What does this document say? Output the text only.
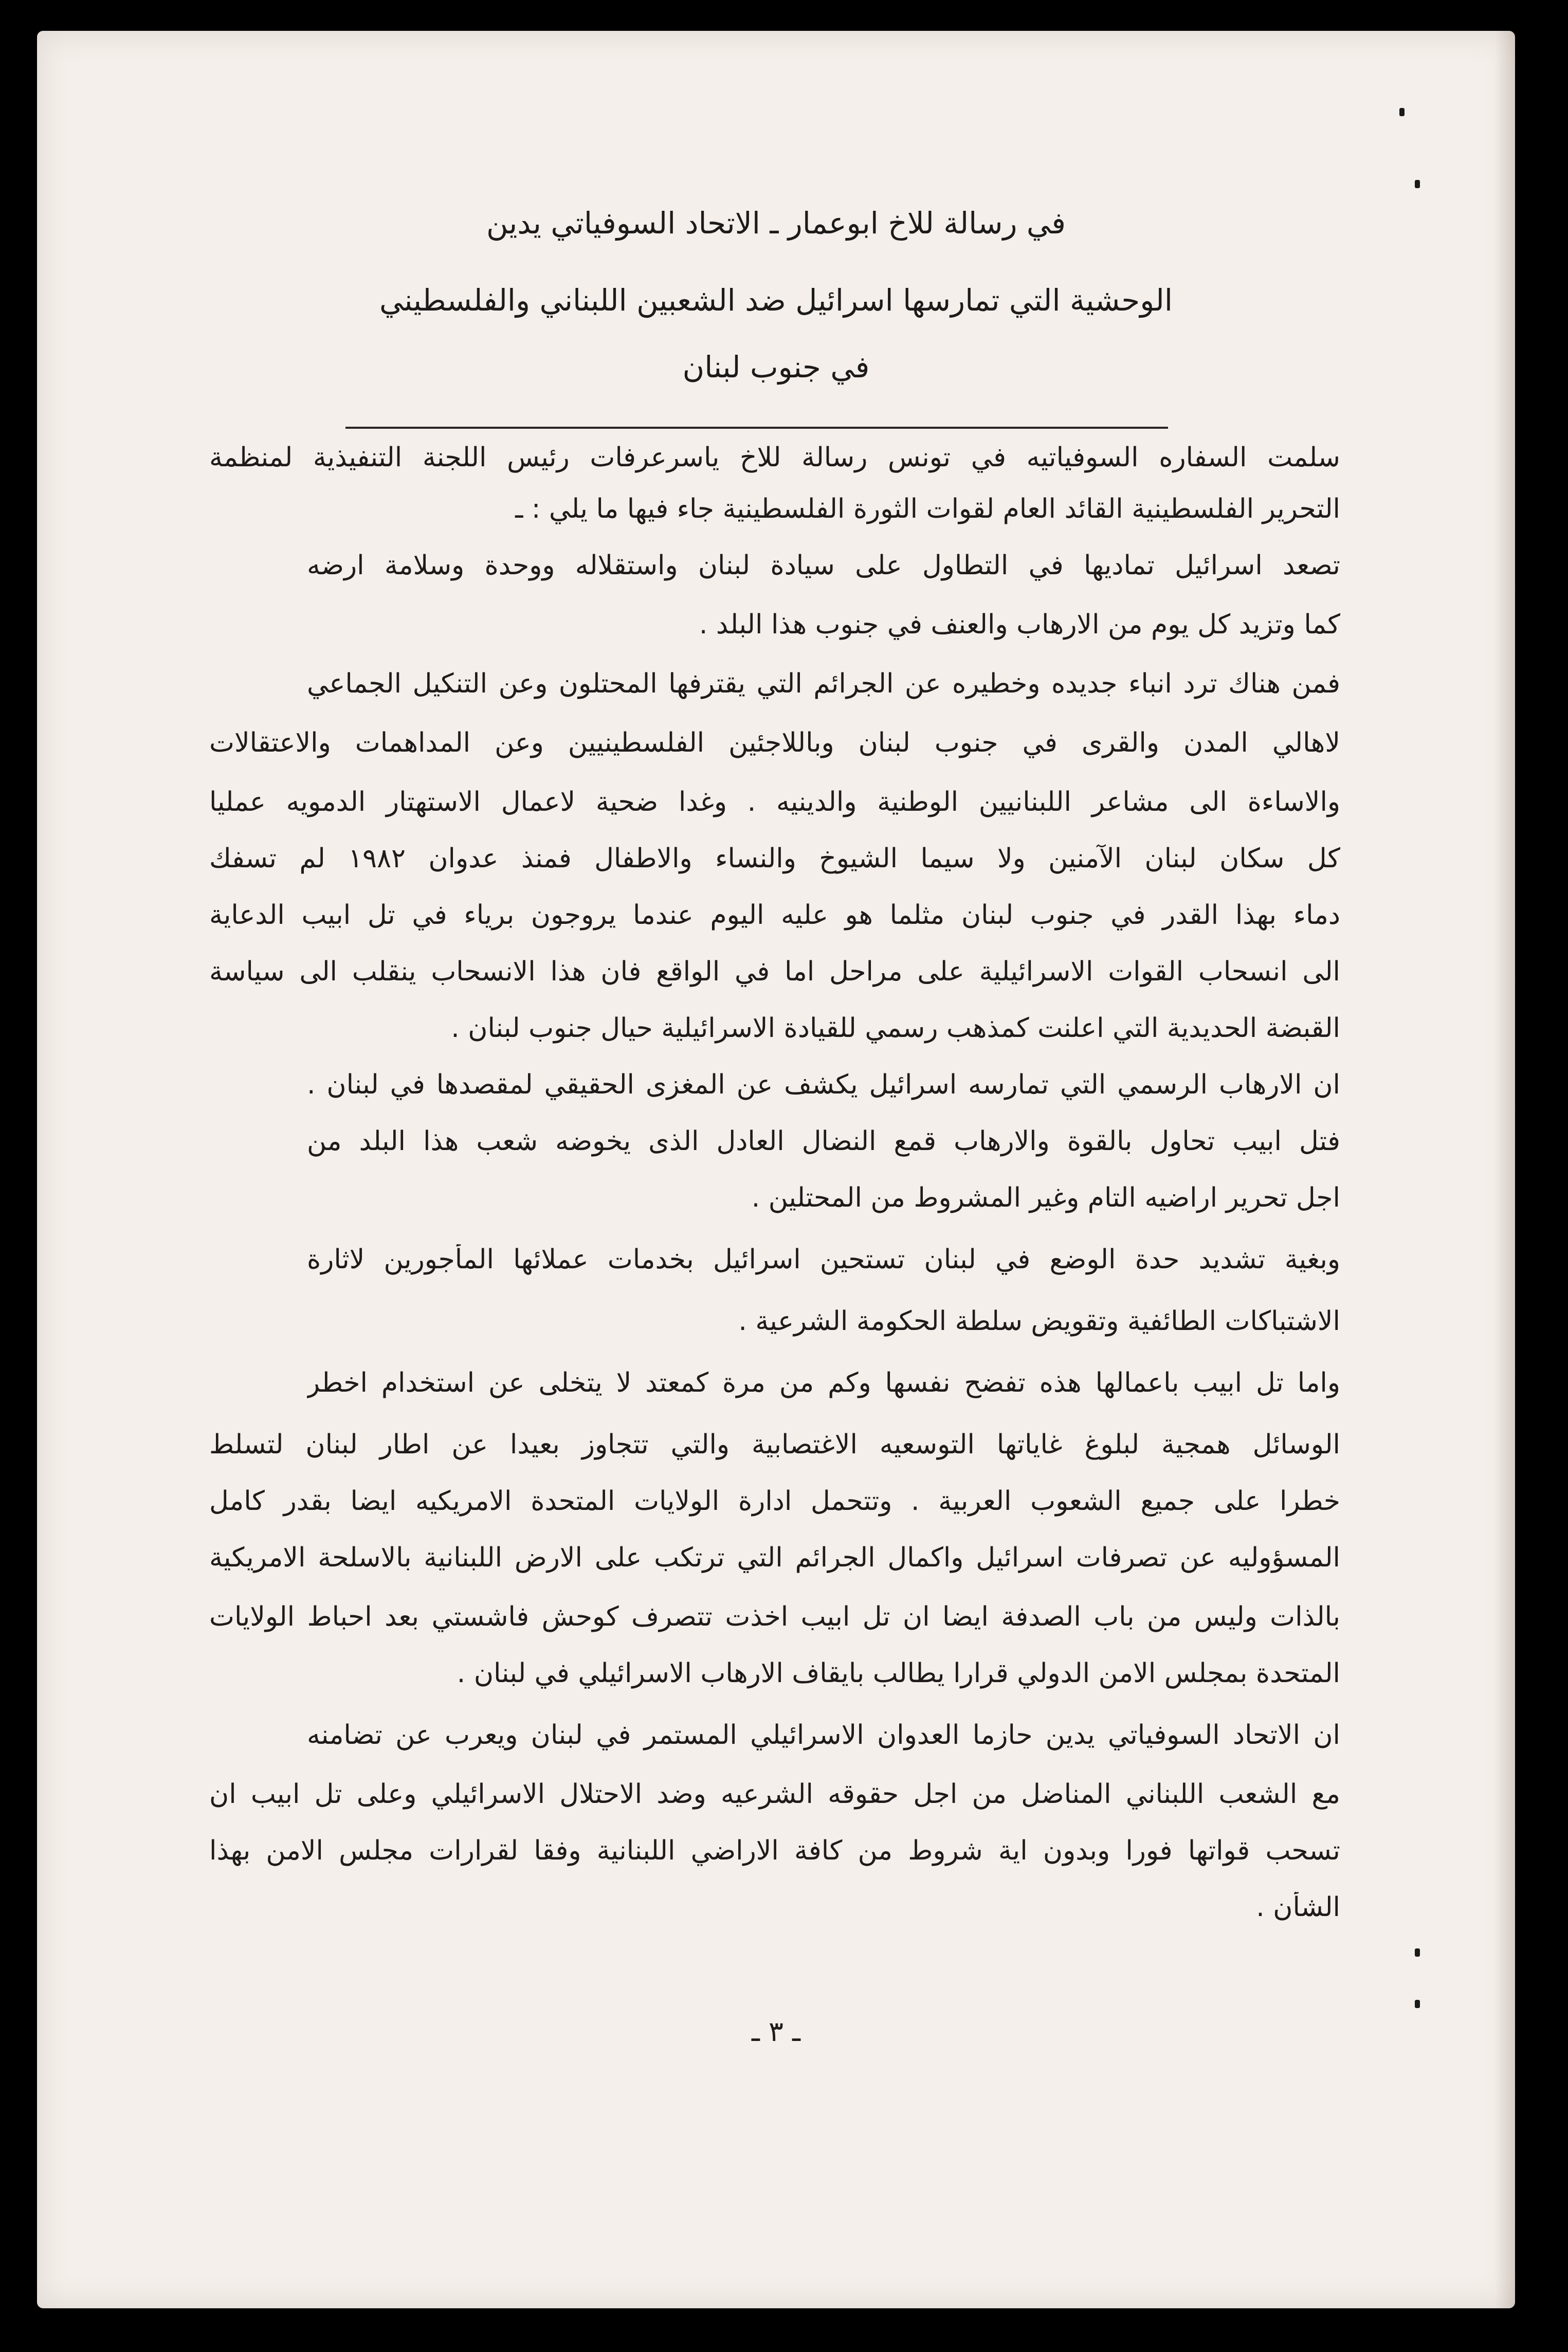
في رسالة للاخ ابوعمار ـ الاتحاد السوفياتي يدين
الوحشية التي تمارسها اسرائيل ضد الشعبين اللبناني والفلسطيني
في جنوب لبنان
سلمت السفاره السوفياتيه في تونس رسالة للاخ ياسرعرفات رئيس اللجنة التنفيذية لمنظمة
التحرير الفلسطينية القائد العام لقوات الثورة الفلسطينية جاء فيها ما يلي : ـ
تصعد اسرائيل تماديها في التطاول على سيادة لبنان واستقلاله ووحدة وسلامة ارضه
كما وتزيد كل يوم من الارهاب والعنف في جنوب هذا البلد .
فمن هناك ترد انباء جديده وخطيره عن الجرائم التي يقترفها المحتلون وعن التنكيل الجماعي
لاهالي المدن والقرى في جنوب لبنان وباللاجئين الفلسطينيين وعن المداهمات والاعتقالات
والاساءة الى مشاعر اللبنانيين الوطنية والدينيه . وغدا ضحية لاعمال الاستهتار الدمويه عمليا
كل سكان لبنان الآمنين ولا سيما الشيوخ والنساء والاطفال فمنذ عدوان ١٩٨٢ لم تسفك
دماء بهذا القدر في جنوب لبنان مثلما هو عليه اليوم عندما يروجون برياء في تل ابيب الدعاية
الى انسحاب القوات الاسرائيلية على مراحل اما في الواقع فان هذا الانسحاب ينقلب الى سياسة
القبضة الحديدية التي اعلنت كمذهب رسمي للقيادة الاسرائيلية حيال جنوب لبنان .
ان الارهاب الرسمي التي تمارسه اسرائيل يكشف عن المغزى الحقيقي لمقصدها في لبنان .
فتل ابيب تحاول بالقوة والارهاب قمع النضال العادل الذى يخوضه شعب هذا البلد من
اجل تحرير اراضيه التام وغير المشروط من المحتلين .
وبغية تشديد حدة الوضع في لبنان تستحين اسرائيل بخدمات عملائها المأجورين لاثارة
الاشتباكات الطائفية وتقويض سلطة الحكومة الشرعية .
واما تل ابيب باعمالها هذه تفضح نفسها وكم من مرة كمعتد لا يتخلى عن استخدام اخطر
الوسائل همجية لبلوغ غاياتها التوسعيه الاغتصابية والتي تتجاوز بعيدا عن اطار لبنان لتسلط
خطرا على جميع الشعوب العربية . وتتحمل ادارة الولايات المتحدة الامريكيه ايضا بقدر كامل
المسؤوليه عن تصرفات اسرائيل واكمال الجرائم التي ترتكب على الارض اللبنانية بالاسلحة الامريكية
بالذات وليس من باب الصدفة ايضا ان تل ابيب اخذت تتصرف كوحش فاشستي بعد احباط الولايات
المتحدة بمجلس الامن الدولي قرارا يطالب بايقاف الارهاب الاسرائيلي في لبنان .
ان الاتحاد السوفياتي يدين حازما العدوان الاسرائيلي المستمر في لبنان ويعرب عن تضامنه
مع الشعب اللبناني المناضل من اجل حقوقه الشرعيه وضد الاحتلال الاسرائيلي وعلى تل ابيب ان
تسحب قواتها فورا وبدون اية شروط من كافة الاراضي اللبنانية وفقا لقرارات مجلس الامن بهذا
الشأن .
ـ ٣ ـ
